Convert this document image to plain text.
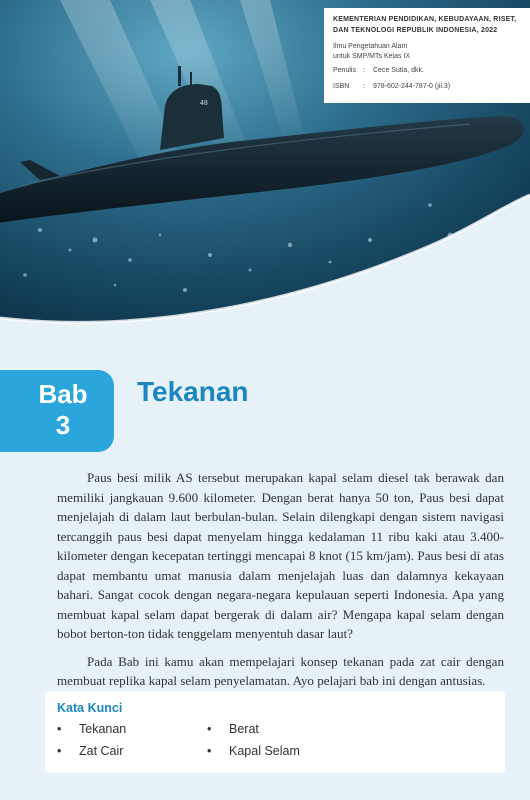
48
KEMENTERIAN PENDIDIKAN, KEBUDAYAAN, RISET, DAN TEKNOLOGI REPUBLIK INDONESIA, 2022
Ilmu Pengetahuan Alam
untuk SMP/MTs Kelas IX
Penulis	:	Cece Sutia, dkk.
ISBN	:	978-602-244-787-0 (jil.3)
Bab
3
Tekanan

Paus besi milik AS tersebut merupakan kapal selam diesel tak berawak dan memiliki jangkauan 9.600 kilometer. Dengan berat hanya 50 ton, Paus besi dapat menjelajah di dalam laut berbulan-bulan. Selain dilengkapi dengan sistem navigasi tercanggih paus besi dapat menyelam hingga kedalaman 11 ribu kaki atau 3.400-kilometer dengan kecepatan tertinggi mencapai 8 knot (15 km/jam). Paus besi di atas dapat membantu umat manusia dalam menjelajah luas dan dalamnya kekayaan bahari. Sangat cocok dengan negara-negara kepulauan seperti Indonesia. Apa yang membuat kapal selam dapat bergerak di dalam air? Mengapa kapal selam dengan bobot berton-ton tidak tenggelam menyentuh dasar laut?

Pada Bab ini kamu akan mempelajari konsep tekanan pada zat cair dengan membuat replika kapal selam penyelamatan. Ayo pelajari bab ini dengan antusias.

Kata Kunci
• Tekanan	• Berat
• Zat Cair	• Kapal Selam
